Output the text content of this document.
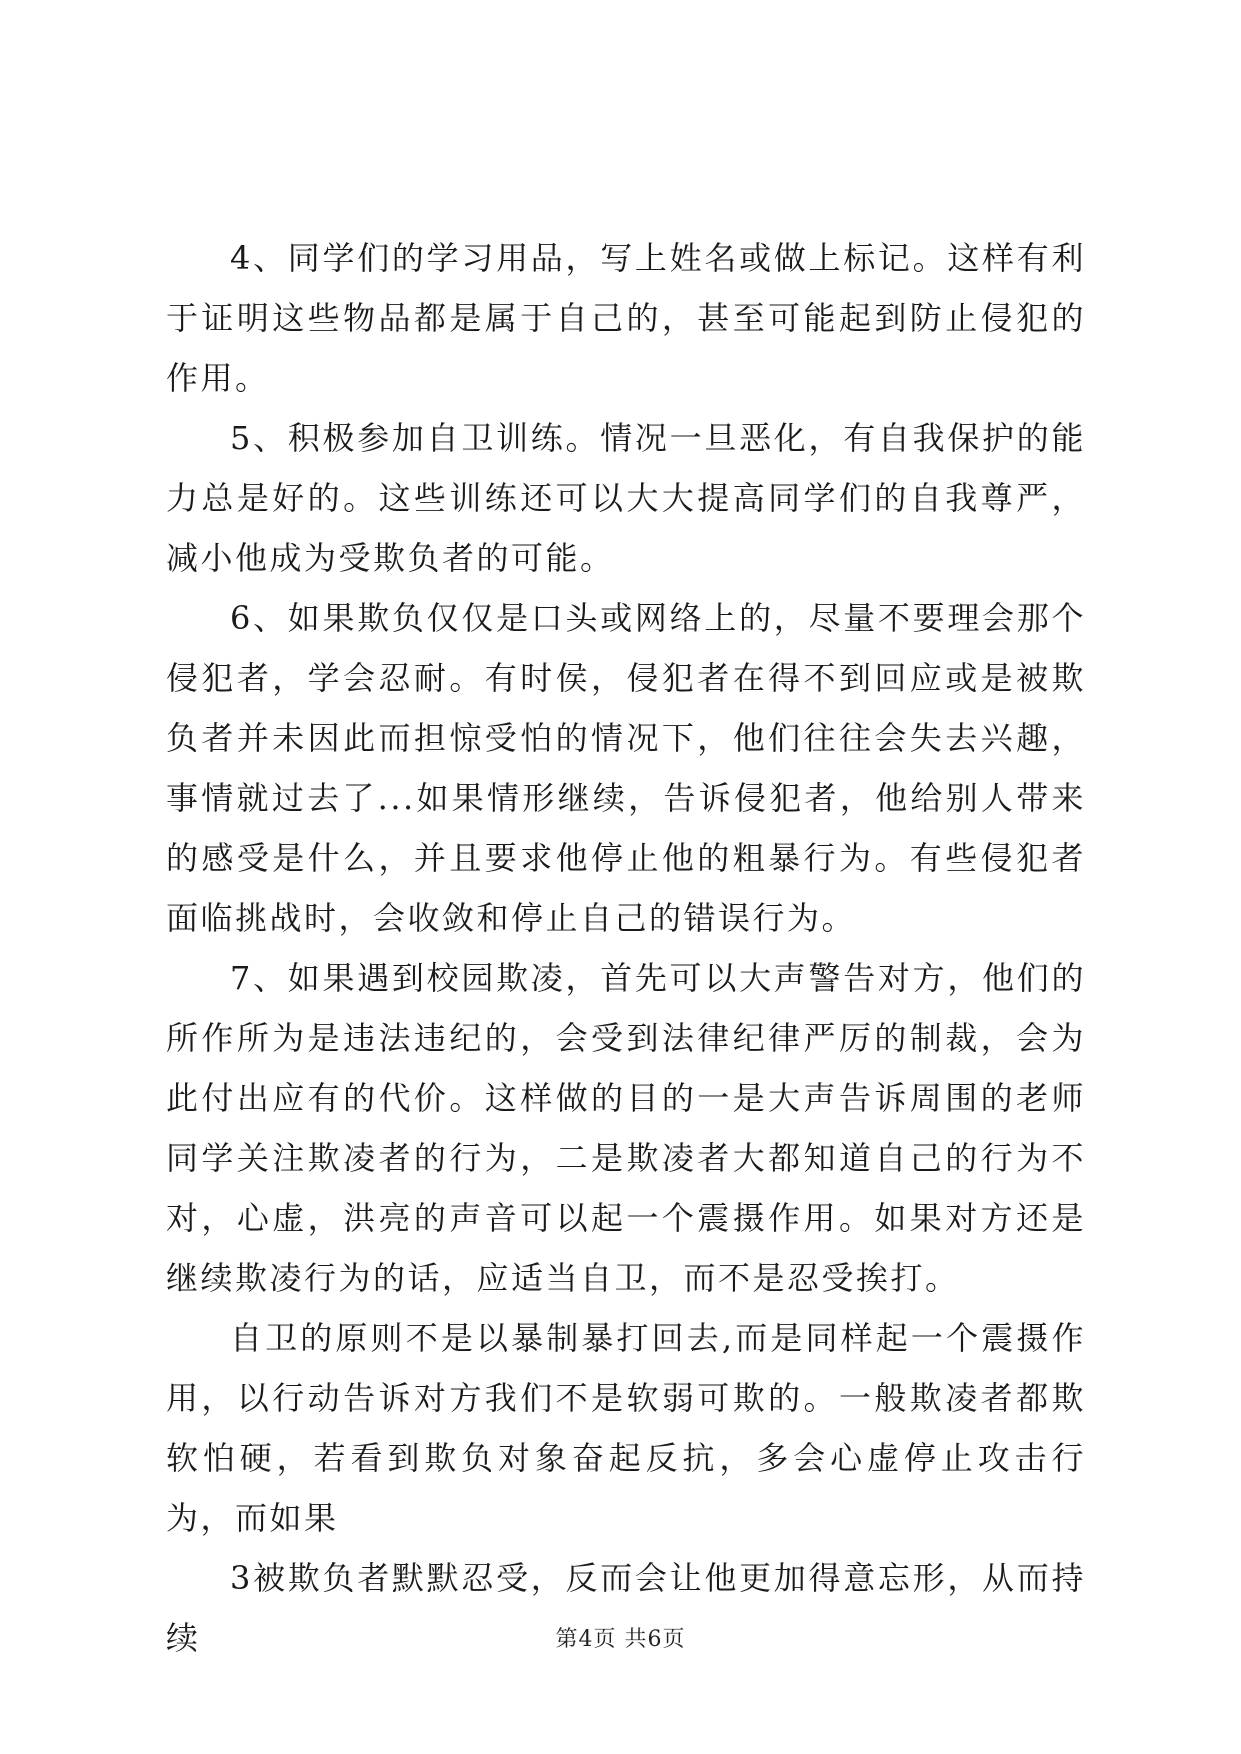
4、同学们的学习用品，写上姓名或做上标记。这样有利于证明这些物品都是属于自己的，甚至可能起到防止侵犯的作用。

5、积极参加自卫训练。情况一旦恶化，有自我保护的能力总是好的。这些训练还可以大大提高同学们的自我尊严，减小他成为受欺负者的可能。

6、如果欺负仅仅是口头或网络上的，尽量不要理会那个侵犯者，学会忍耐。有时侯，侵犯者在得不到回应或是被欺负者并未因此而担惊受怕的情况下，他们往往会失去兴趣，事情就过去了...如果情形继续，告诉侵犯者，他给别人带来的感受是什么，并且要求他停止他的粗暴行为。有些侵犯者面临挑战时，会收敛和停止自己的错误行为。

7、如果遇到校园欺凌，首先可以大声警告对方，他们的所作所为是违法违纪的，会受到法律纪律严厉的制裁，会为此付出应有的代价。这样做的目的一是大声告诉周围的老师同学关注欺凌者的行为，二是欺凌者大都知道自己的行为不对，心虚，洪亮的声音可以起一个震摄作用。如果对方还是继续欺凌行为的话，应适当自卫，而不是忍受挨打。

自卫的原则不是以暴制暴打回去,而是同样起一个震摄作用，以行动告诉对方我们不是软弱可欺的。一般欺凌者都欺软怕硬，若看到欺负对象奋起反抗，多会心虚停止攻击行为，而如果

3被欺负者默默忍受，反而会让他更加得意忘形，从而持续	第4页 共6页
